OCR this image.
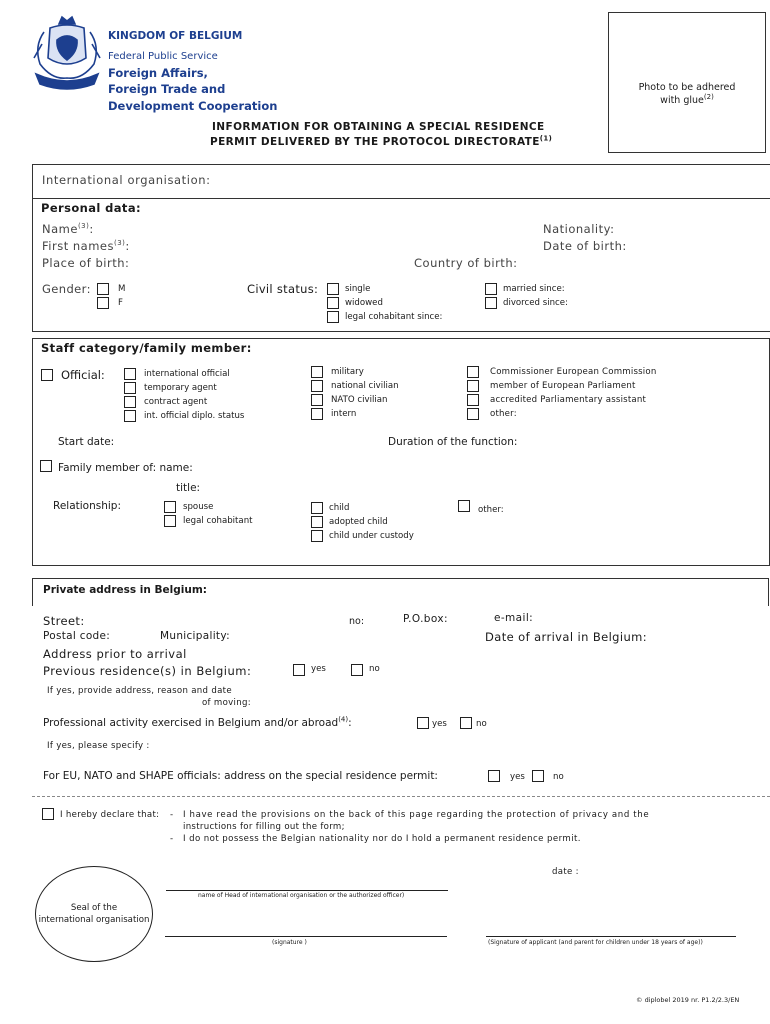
KINGDOM OF BELGIUM
Federal Public Service
Foreign Affairs,
Foreign Trade and
Development Cooperation
INFORMATION FOR OBTAINING A SPECIAL RESIDENCE
PERMIT DELIVERED BY THE PROTOCOL DIRECTORATE$^{(1)}$
Photo to be adhered
with glue$^{(2)}$
International organisation:
Personal data:
Name$^{(3)}$:
First names$^{(3)}$:
Place of birth:
Nationality:
Date of birth:
Country of birth:
Gender:	M
F
Civil status:	single
widowed
legal cohabitant since:
married since:
divorced since:
Staff category/family member:
Official:	international official
temporary agent
contract agent
int. official diplo. status
military
national civilian
NATO civilian
intern
Commissioner European Commission
member of European Parliament
accredited Parliamentary assistant
other:
Start date:	Duration of the function:
Family member of: name:
title:
Relationship:	spouse
legal cohabitant
child
adopted child
child under custody
other:
Private address in Belgium:
Street:	no:	P.O.box:	e-mail:
Postal code:	Municipality:	Date of arrival in Belgium:
Address prior to arrival
Previous residence(s) in Belgium:	yes	no
If yes, provide address, reason and date
of moving:
Professional activity exercised in Belgium and/or abroad$^{(4)}$:	yes	no
If yes, please specify :
For EU, NATO and SHAPE officials: address on the special residence permit:	yes	no
I hereby declare that: - I have read the provisions on the back of this page regarding the protection of privacy and the
instructions for filling out the form;
- I do not possess the Belgian nationality nor do I hold a permanent residence permit.
Seal of the
international organisation
date :
name of Head of international organisation or the authorized officer)
(signature )	(Signature of applicant (and parent for children under 18 years of age))
© diplobel 2019 nr. P1.2/2.3/EN
